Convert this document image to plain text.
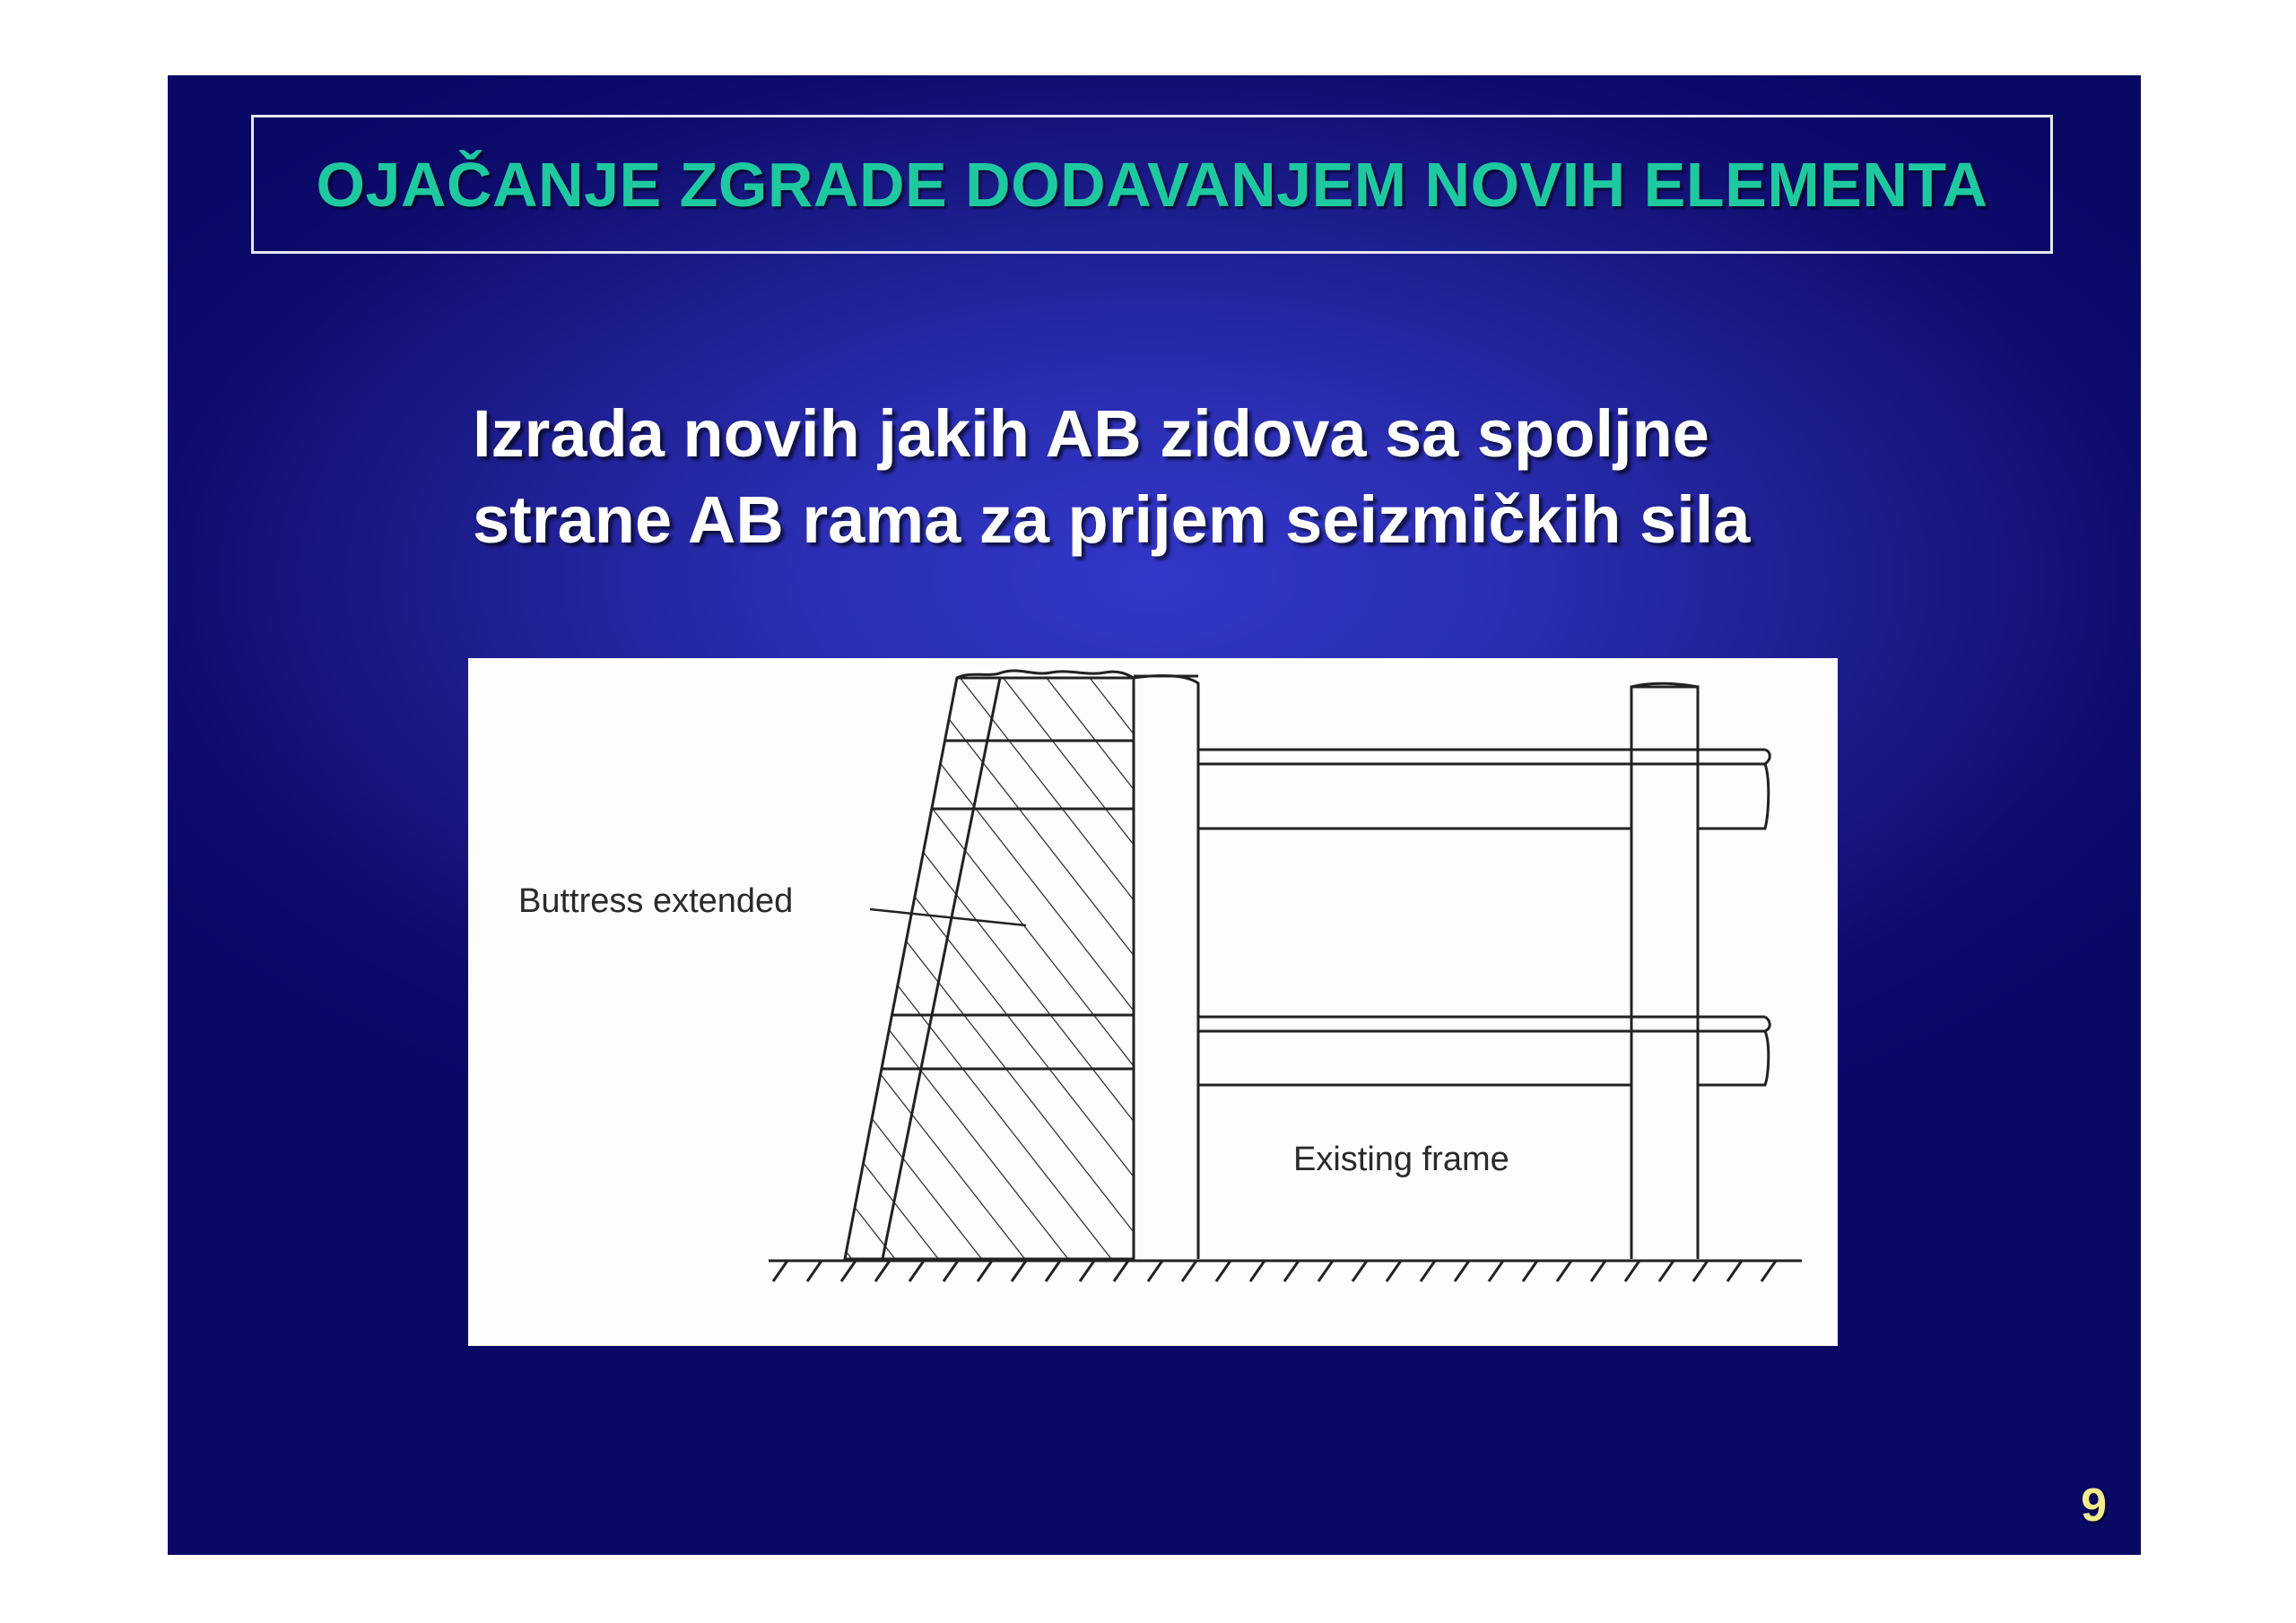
OJAČANJE ZGRADE DODAVANJEM NOVIH ELEMENTA
Izrada novih jakih AB zidova sa spoljne
strane AB rama za prijem seizmičkih sila
Buttress extended
Existing frame
9
